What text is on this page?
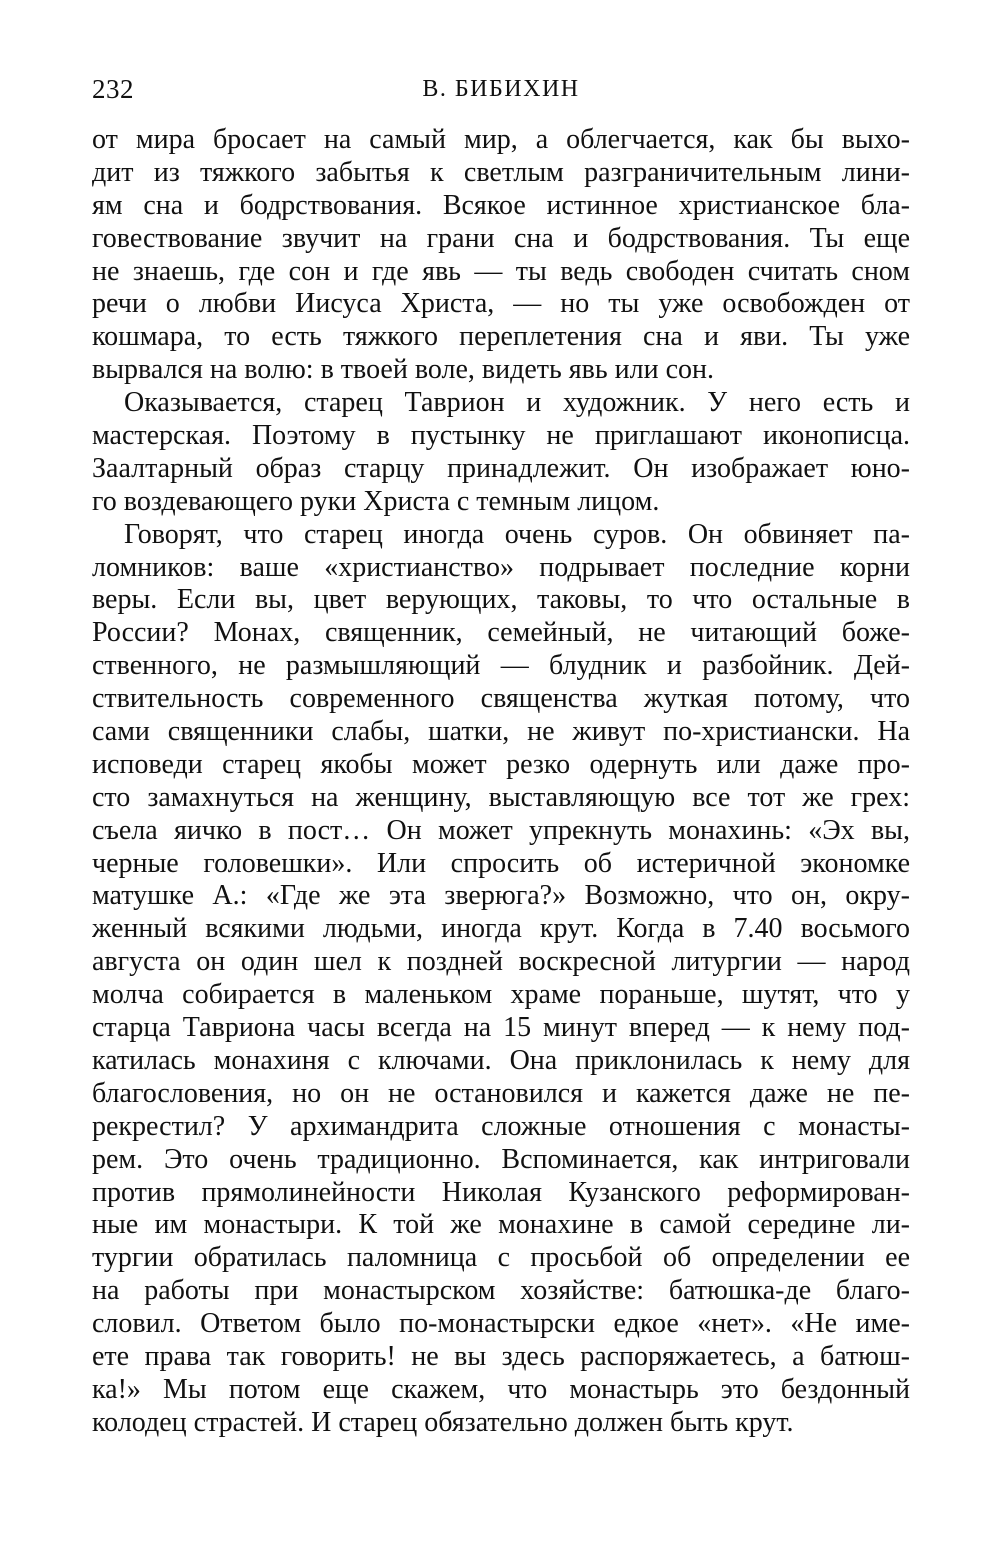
232	В. БИБИХИН
от мира бросает на самый мир, а облегчается, как бы выхо-
дит из тяжкого забытья к светлым разграничительным лини-
ям сна и бодрствования. Всякое истинное христианское бла-
говествование звучит на грани сна и бодрствования. Ты еще
не знаешь, где сон и где явь — ты ведь свободен считать сном
речи о любви Иисуса Христа, — но ты уже освобожден от
кошмара, то есть тяжкого переплетения сна и яви. Ты уже
вырвался на волю: в твоей воле, видеть явь или сон.
Оказывается, старец Таврион и художник. У него есть и
мастерская. Поэтому в пустынку не приглашают иконописца.
Заалтарный образ старцу принадлежит. Он изображает юно-
го воздевающего руки Христа с темным лицом.
Говорят, что старец иногда очень суров. Он обвиняет па-
ломников: ваше «христианство» подрывает последние корни
веры. Если вы, цвет верующих, таковы, то что остальные в
России? Монах, священник, семейный, не читающий боже-
ственного, не размышляющий — блудник и разбойник. Дей-
ствительность современного священства жуткая потому, что
сами священники слабы, шатки, не живут по-христиански. На
исповеди старец якобы может резко одернуть или даже про-
сто замахнуться на женщину, выставляющую все тот же грех:
съела яичко в пост… Он может упрекнуть монахинь: «Эх вы,
черные головешки». Или спросить об истеричной экономке
матушке А.: «Где же эта зверюга?» Возможно, что он, окру-
женный всякими людьми, иногда крут. Когда в 7.40 восьмого
августа он один шел к поздней воскресной литургии — народ
молча собирается в маленьком храме пораньше, шутят, что у
старца Тавриона часы всегда на 15 минут вперед — к нему под-
катилась монахиня с ключами. Она приклонилась к нему для
благословения, но он не остановился и кажется даже не пе-
рекрестил? У архимандрита сложные отношения с монасты-
рем. Это очень традиционно. Вспоминается, как интриговали
против прямолинейности Николая Кузанского реформирован-
ные им монастыри. К той же монахине в самой середине ли-
тургии обратилась паломница с просьбой об определении ее
на работы при монастырском хозяйстве: батюшка-де благо-
словил. Ответом было по-монастырски едкое «нет». «Не име-
ете права так говорить! не вы здесь распоряжаетесь, а батюш-
ка!» Мы потом еще скажем, что монастырь это бездонный
колодец страстей. И старец обязательно должен быть крут.
